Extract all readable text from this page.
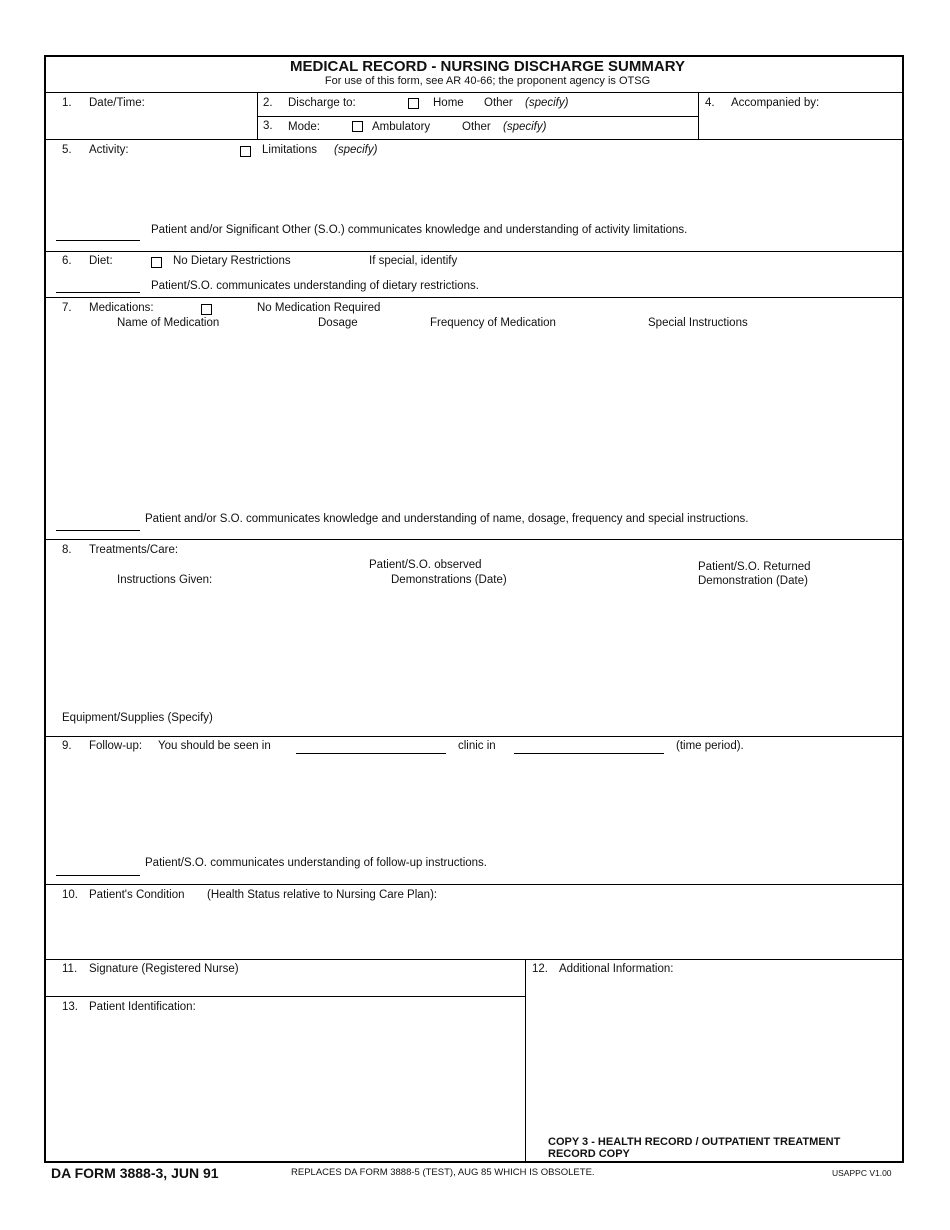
MEDICAL RECORD - NURSING DISCHARGE SUMMARY
For use of this form, see AR 40-66; the proponent agency is OTSG
1. Date/Time:	2. Discharge to:	Home Other (specify)
3. Mode:	Ambulatory	Other (specify)
4. Accompanied by:
5. Activity:	Limitations (specify)
Patient and/or Significant Other (S.O.) communicates knowledge and understanding of activity limitations.
6. Diet:	No Dietary Restrictions	If special, identify
Patient/S.O. communicates understanding of dietary restrictions.
7. Medications:	No Medication Required
Name of Medication	Dosage	Frequency of Medication	Special Instructions
Patient and/or S.O. communicates knowledge and understanding of name, dosage, frequency and special instructions.
8. Treatments/Care:
Instructions Given:
Patient/S.O. observed
Demonstrations (Date)
Patient/S.O. Returned
Demonstration (Date)
Equipment/Supplies (Specify)
9. Follow-up: You should be seen in	clinic in	(time period).
Patient/S.O. communicates understanding of follow-up instructions.
10. Patient's Condition (Health Status relative to Nursing Care Plan):
11. Signature (Registered Nurse)	12. Additional Information:
13. Patient Identification:
COPY 3 - HEALTH RECORD / OUTPATIENT TREATMENT
RECORD COPY
DA FORM 3888-3, JUN 91	REPLACES DA FORM 3888-5 (TEST), AUG 85 WHICH IS OBSOLETE.	USAPPC V1.00
